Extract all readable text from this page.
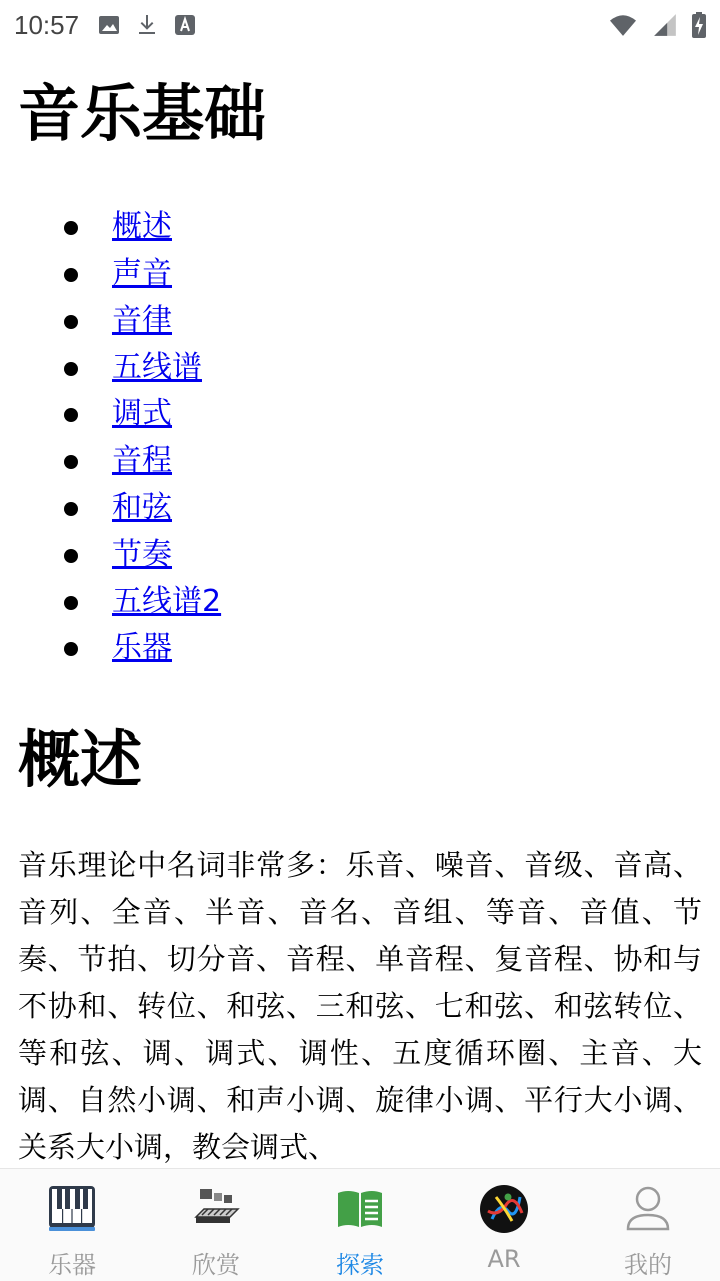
10:57
音乐基础
概述
声音
音律
五线谱
调式
音程
和弦
节奏
五线谱2
乐器
概述

音乐理论中名词非常多：乐音、噪音、音级、音高、音列、全音、半音、音名、音组、等音、音值、节奏、节拍、切分音、音程、单音程、复音程、协和与不协和、转位、和弦、三和弦、七和弦、和弦转位、等和弦、调、调式、调性、五度循环圈、主音、大调、自然小调、和声小调、旋律小调、平行大小调、关系大小调，教会调式、

乐器	欣赏	探索	AR	我的
